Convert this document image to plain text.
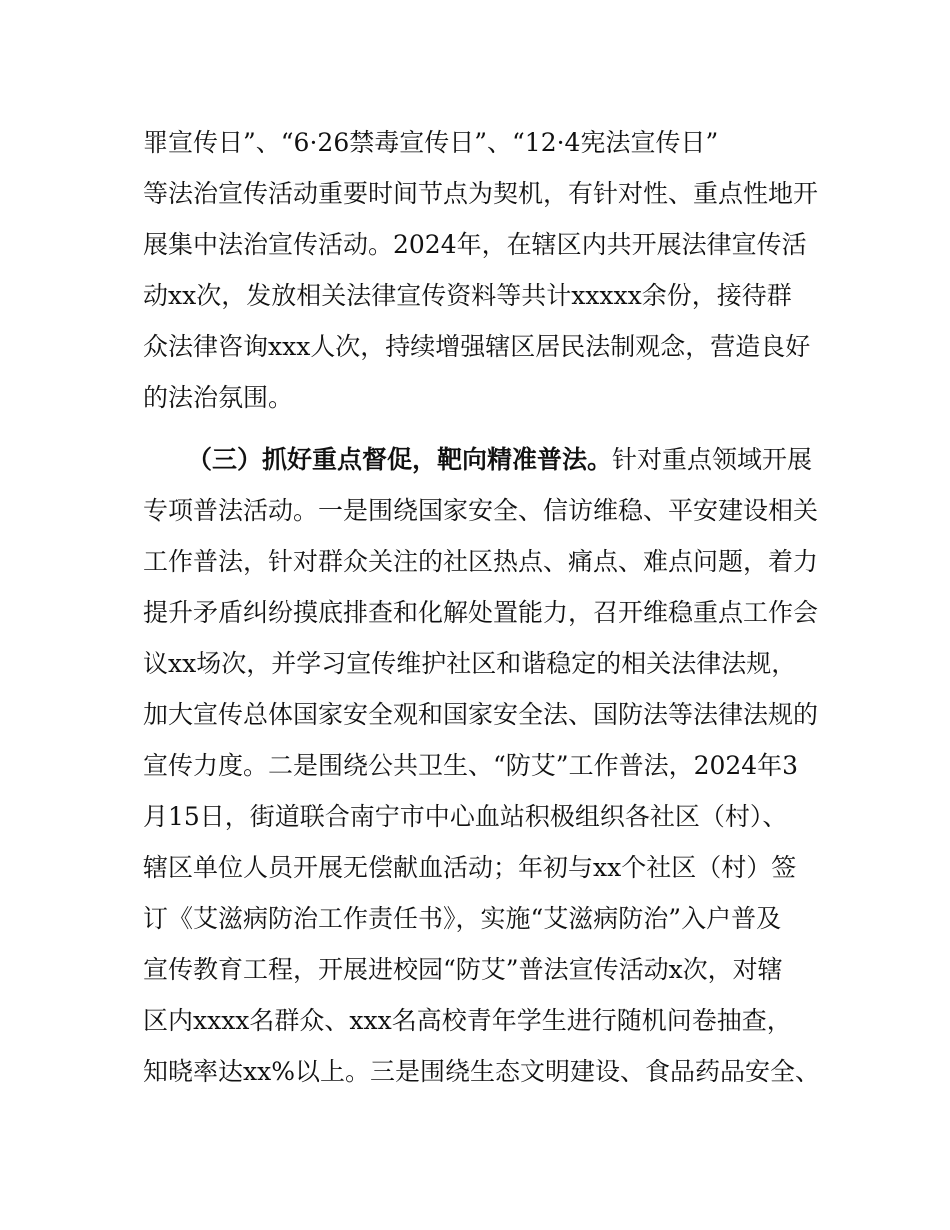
罪宣传日”、“6·26禁毒宣传日”、“12·4宪法宣传日”
等法治宣传活动重要时间节点为契机，有针对性、重点性地开
展集中法治宣传活动。2024年，在辖区内共开展法律宣传活
动xx次，发放相关法律宣传资料等共计xxxxx余份，接待群
众法律咨询xxx人次，持续增强辖区居民法制观念，营造良好
的法治氛围。
（三）抓好重点督促，靶向精准普法。针对重点领域开展
专项普法活动。一是围绕国家安全、信访维稳、平安建设相关
工作普法，针对群众关注的社区热点、痛点、难点问题，着力
提升矛盾纠纷摸底排查和化解处置能力，召开维稳重点工作会
议xx场次，并学习宣传维护社区和谐稳定的相关法律法规，
加大宣传总体国家安全观和国家安全法、国防法等法律法规的
宣传力度。二是围绕公共卫生、“防艾”工作普法，2024年3
月15日，街道联合南宁市中心血站积极组织各社区（村）、
辖区单位人员开展无偿献血活动；年初与xx个社区（村）签
订《艾滋病防治工作责任书》，实施“艾滋病防治”入户普及
宣传教育工程，开展进校园“防艾”普法宣传活动x次，对辖
区内xxxx名群众、xxx名高校青年学生进行随机问卷抽查，
知晓率达xx%以上。三是围绕生态文明建设、食品药品安全、
